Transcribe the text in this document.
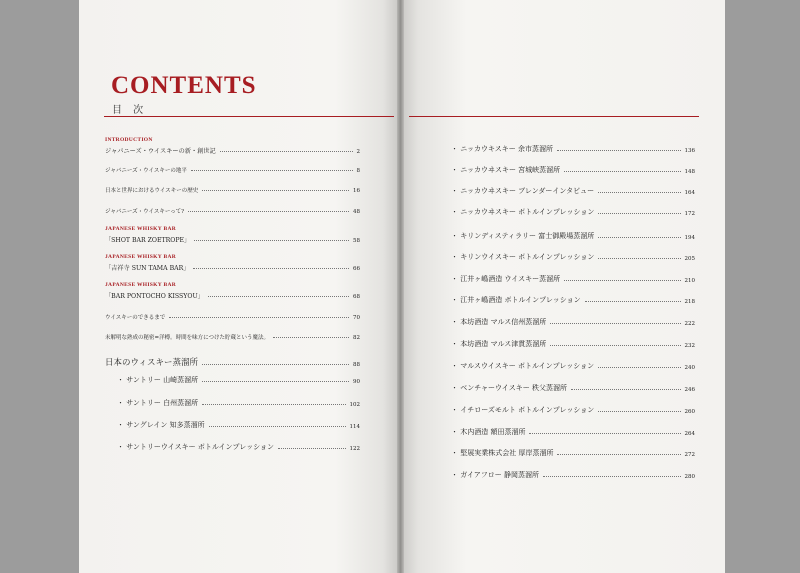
CONTENTS
目 次
INTRODUCTION
ジャパニーズ・ウイスキーの新・創世記	2
ジャパニーズ・ウイスキーの地平	8
日本と世界におけるウイスキーの歴史	16
ジャパニーズ・ウイスキーって?	48
JAPANESE WHISKY BAR
「SHOT BAR ZOETROPE」	58
JAPANESE WHISKY BAR
「吉祥寺 SUN TAMA BAR」	66
JAPANESE WHISKY BAR
「BAR PONTOCHO KISSYOU」	68
ウイスキーのできるまで	70
未解明な熟成の秘密=洋樽。時間を味方につけた貯蔵という魔法。	82
日本のウィスキー蒸溜所	88
・ サントリー 山崎蒸溜所	90
・ サントリー 白州蒸溜所	102
・ サングレイン 知多蒸溜所	114
・ サントリーウイスキー ボトルインプレッション	122
・ ニッカウキスキー 余市蒸溜所	136
・ ニッカウヰスキー 宮城峡蒸溜所	148
・ ニッカウヰスキー ブレンダーインタビュー	164
・ ニッカウヰスキー ボトルインプレッション	172
・ キリンディスティラリー 富士御殿場蒸溜所	194
・ キリンウイスキー ボトルインプレッション	205
・ 江井ヶ嶋酒造 ウイスキー蒸溜所	210
・ 江井ヶ嶋酒造 ボトルインプレッション	218
・ 本坊酒造 マルス信州蒸溜所	222
・ 本坊酒造 マルス津貫蒸溜所	232
・ マルスウイスキー ボトルインプレッション	240
・ ベンチャーウイスキー 秩父蒸溜所	246
・ イチローズモルト ボトルインプレッション	260
・ 木内酒造 額田蒸溜所	264
・ 堅展実業株式会社 厚岸蒸溜所	272
・ ガイアフロー 静岡蒸溜所	280
